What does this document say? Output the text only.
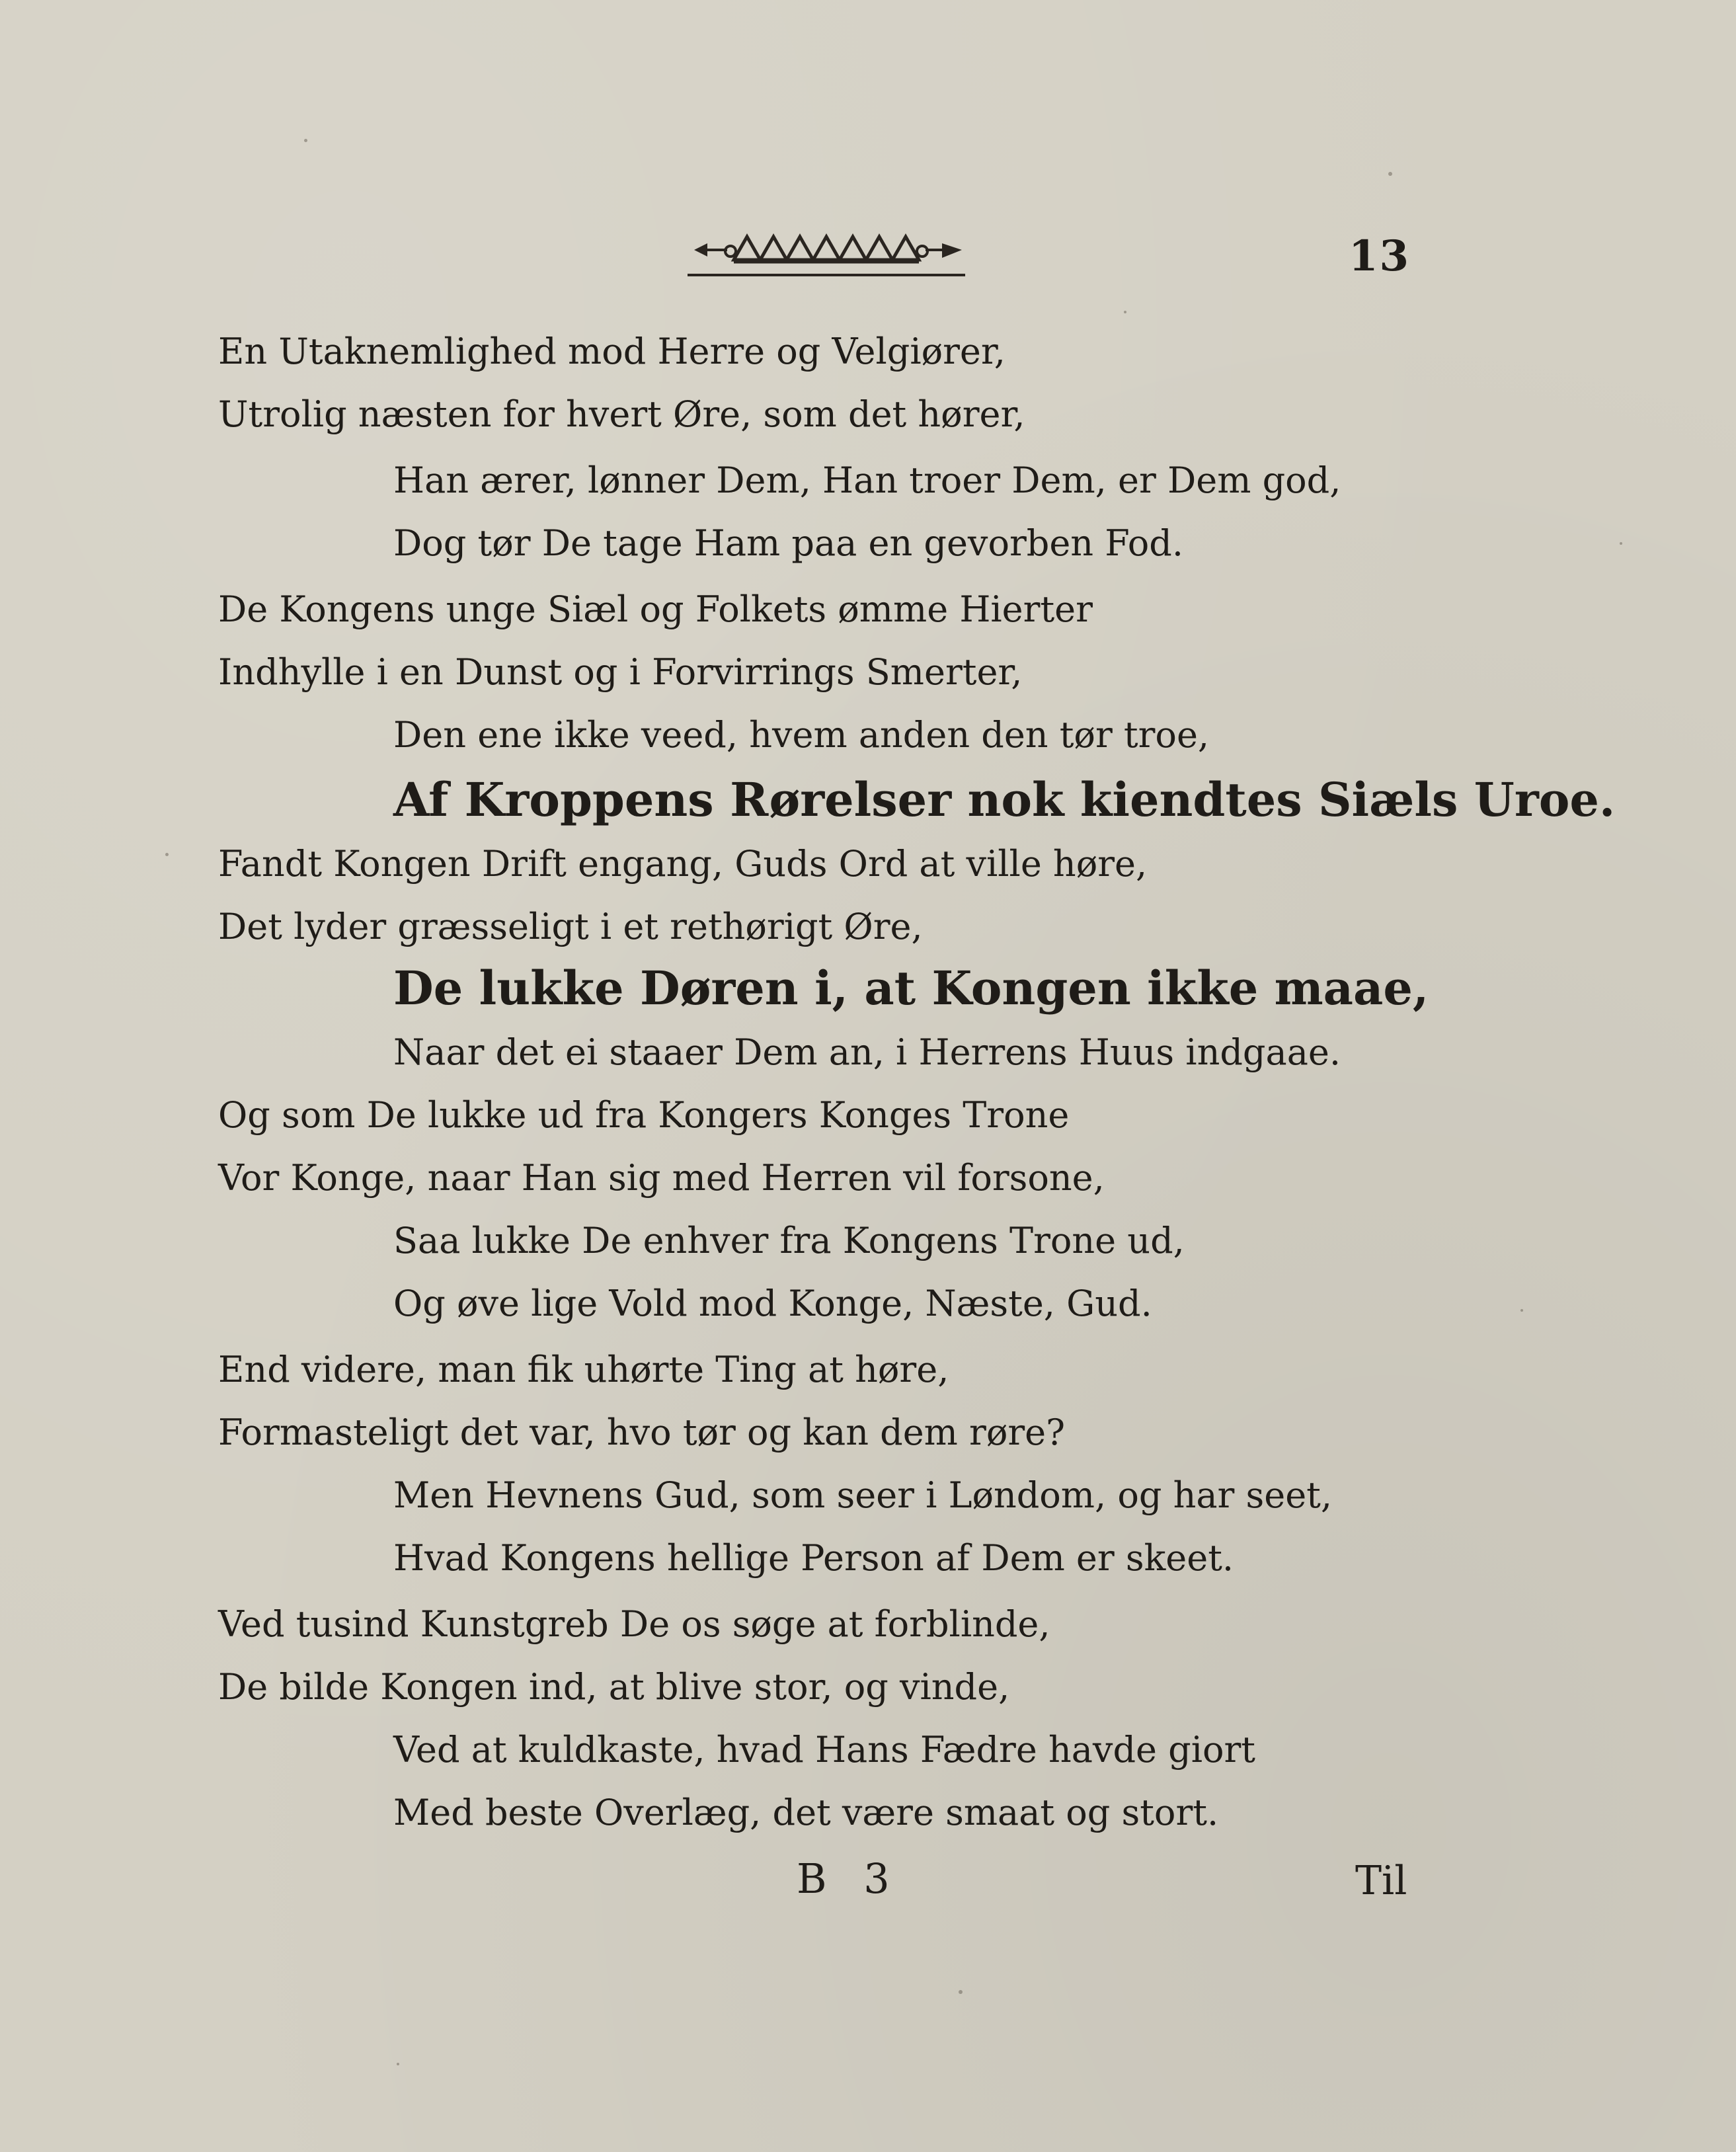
13
En Utaknemlighed mod Herre og Velgiører,
Utrolig næsten for hvert Øre, som det hører,
Han ærer, lønner Dem, Han troer Dem, er Dem god,
Dog tør De tage Ham paa en gevorben Fod.
De Kongens unge Siæl og Folkets ømme Hierter
Indhylle i en Dunst og i Forvirrings Smerter,
Den ene ikke veed, hvem anden den tør troe,
Af Kroppens Rørelser nok kiendtes Siæls Uroe.
Fandt Kongen Drift engang, Guds Ord at ville høre,
Det lyder græsseligt i et rethørigt Øre,
De lukke Døren i, at Kongen ikke maae,
Naar det ei staaer Dem an, i Herrens Huus indgaae.
Og som De lukke ud fra Kongers Konges Trone
Vor Konge, naar Han sig med Herren vil forsone,
Saa lukke De enhver fra Kongens Trone ud,
Og øve lige Vold mod Konge, Næste, Gud.
End videre, man fik uhørte Ting at høre,
Formasteligt det var, hvo tør og kan dem røre?
Men Hevnens Gud, som seer i Løndom, og har seet,
Hvad Kongens hellige Person af Dem er skeet.
Ved tusind Kunstgreb De os søge at forblinde,
De bilde Kongen ind, at blive stor, og vinde,
Ved at kuldkaste, hvad Hans Fædre havde giort
Med beste Overlæg, det være smaat og stort.
B 3	Til
